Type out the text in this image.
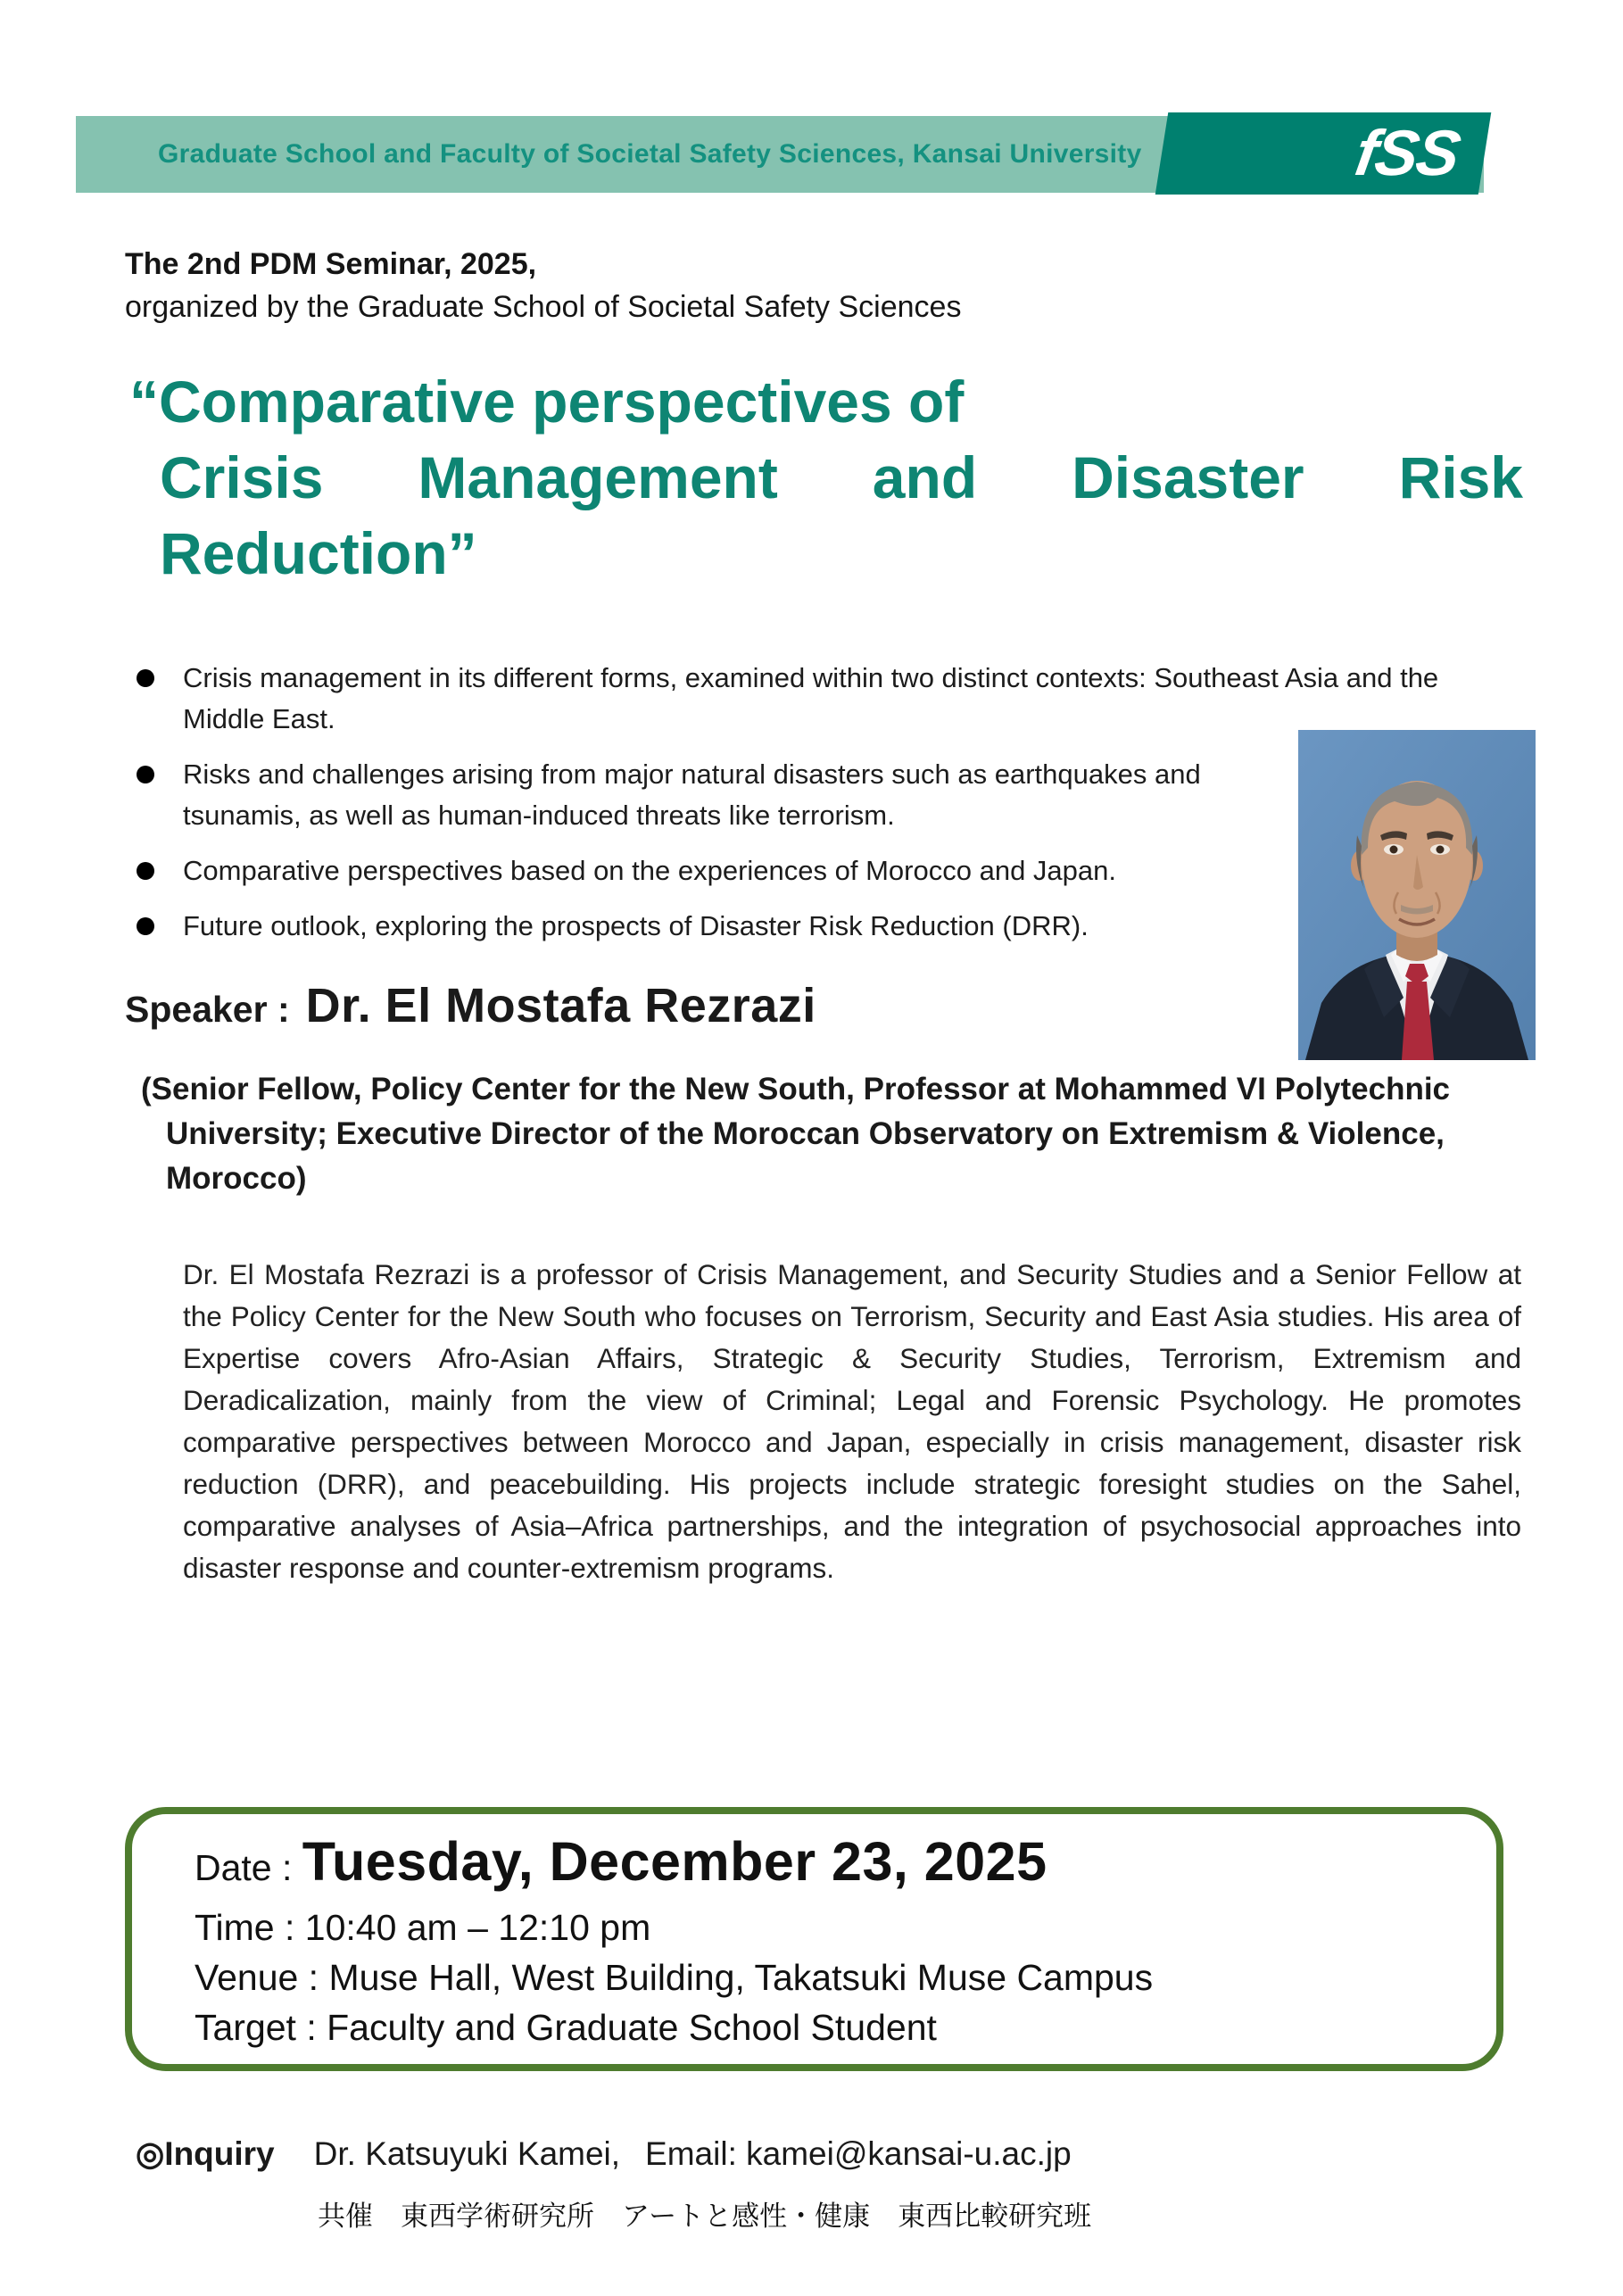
Graduate School and Faculty of Societal Safety Sciences, Kansai University	fSS
The 2nd PDM Seminar, 2025,
organized by the Graduate School of Societal Safety Sciences
“Comparative perspectives of
Crisis Management and Disaster Risk
Reduction”
Crisis management in its different forms, examined within two distinct contexts: Southeast Asia and the Middle East.
Risks and challenges arising from major natural disasters such as earthquakes and tsunamis, as well as human-induced threats like terrorism.
Comparative perspectives based on the experiences of Morocco and Japan.
Future outlook, exploring the prospects of Disaster Risk Reduction (DRR).
Speaker : Dr. El Mostafa Rezrazi
(Senior Fellow, Policy Center for the New South, Professor at Mohammed VI Polytechnic University; Executive Director of the Moroccan Observatory on Extremism & Violence, Morocco)
Dr. El Mostafa Rezrazi is a professor of Crisis Management, and Security Studies and a Senior Fellow at the Policy Center for the New South who focuses on Terrorism, Security and East Asia studies. His area of Expertise covers Afro-Asian Affairs, Strategic & Security Studies, Terrorism, Extremism and Deradicalization, mainly from the view of Criminal; Legal and Forensic Psychology. He promotes comparative perspectives between Morocco and Japan, especially in crisis management, disaster risk reduction (DRR), and peacebuilding. His projects include strategic foresight studies on the Sahel, comparative analyses of Asia–Africa partnerships, and the integration of psychosocial approaches into disaster response and counter-extremism programs.
Date : Tuesday, December 23, 2025
Time : 10:40 am – 12:10 pm
Venue : Muse Hall, West Building, Takatsuki Muse Campus
Target : Faculty and Graduate School Student
◎ Inquiry Dr. Katsuyuki Kamei, Email: kamei@kansai-u.ac.jp
共催　東西学術研究所　アートと感性・健康　東西比較研究班
